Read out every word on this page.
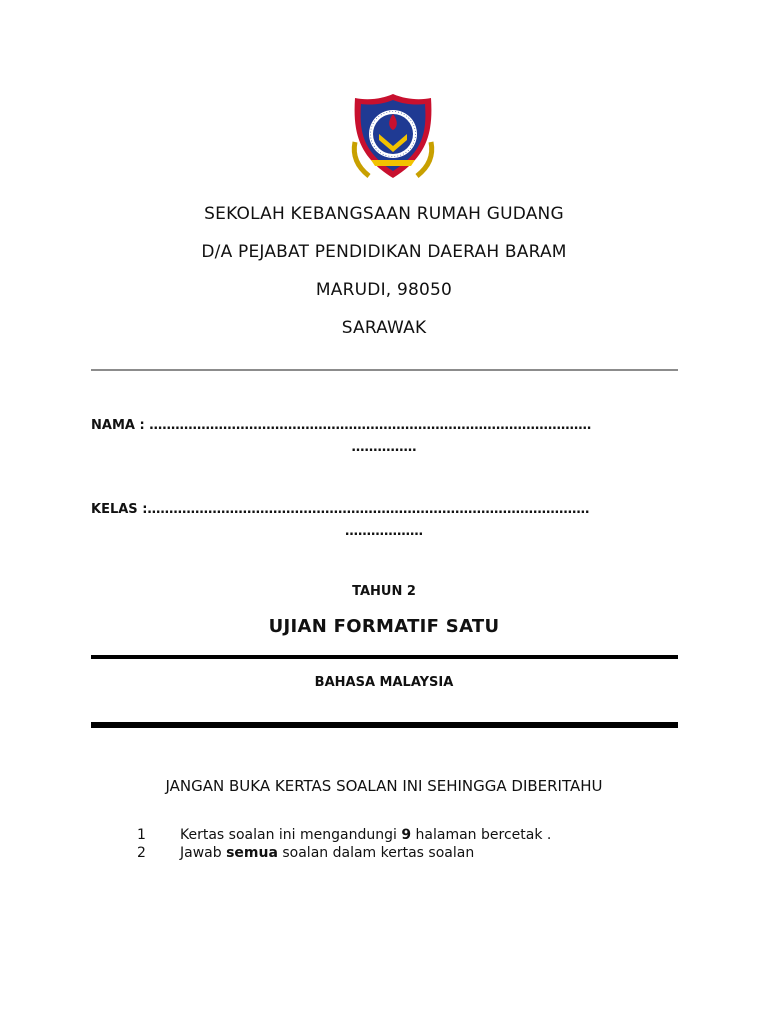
SEKOLAH KEBANGSAAN RUMAH GUDANG
D/A PEJABAT PENDIDIKAN DAERAH BARAM
MARUDI, 98050
SARAWAK
NAMA : …………………………………………………………………………………………
……………
KELAS :…………………………………………………………………………………………
………………
TAHUN 2
UJIAN FORMATIF SATU
BAHASA MALAYSIA
JANGAN BUKA KERTAS SOALAN INI SEHINGGA DIBERITAHU
1 Kertas soalan ini mengandungi 9 halaman bercetak .
2 Jawab semua soalan dalam kertas soalan
